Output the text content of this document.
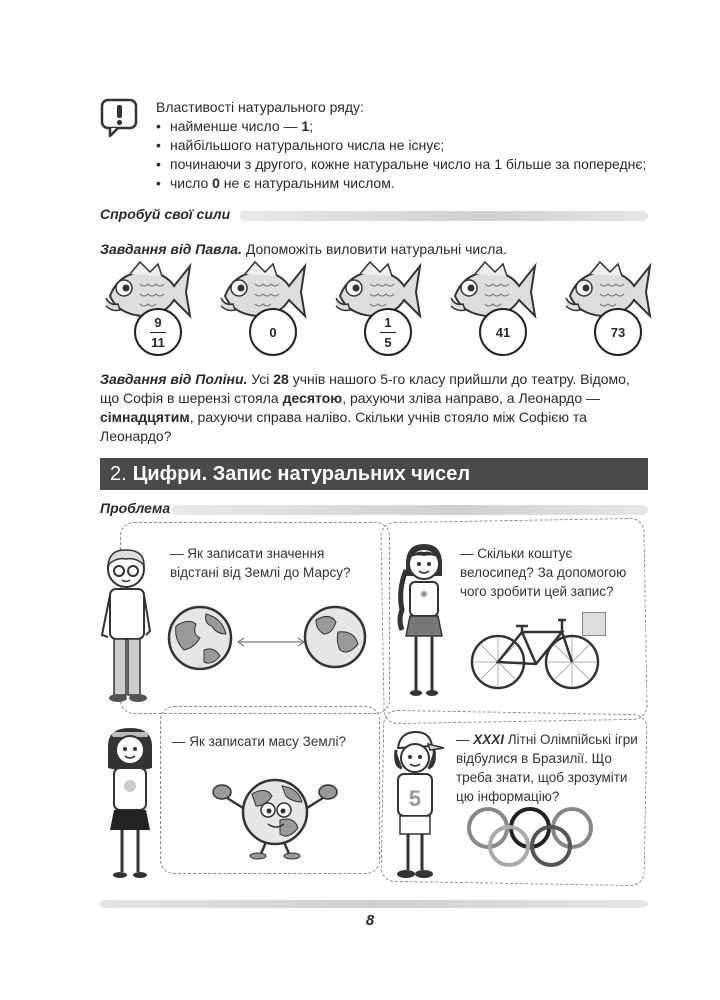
Властивості натурального ряду:
• найменше число — 1;
• найбільшого натурального числа не існує;
• починаючи з другого, кожне натуральне число на 1 більше за попереднє;
• число 0 не є натуральним числом.
Спробуй свої сили
Завдання від Павла. Допоможіть виловити натуральні числа.
9
11
0
1
5
41	73
Завдання від Поліни. Усі 28 учнів нашого 5-го класу прийшли до театру. Відомо, що Софія в шерензі стояла десятою, рахуючи зліва направо, а Леонардо — сімнадцятим, рахуючи справа наліво. Скільки учнів стояло між Софією та Леонардо?
2. Цифри. Запис натуральних чисел
Проблема
— Як записати значення відстані від Землі до Марсу?
— Скільки коштує велосипед? За допомогою чого зробити цей запис?
— Як записати масу Землі?	— XXXI Літні Олімпійські ігри відбулися в Бразилії. Що треба знати, щоб зрозуміти цю інформацію?
5
8
